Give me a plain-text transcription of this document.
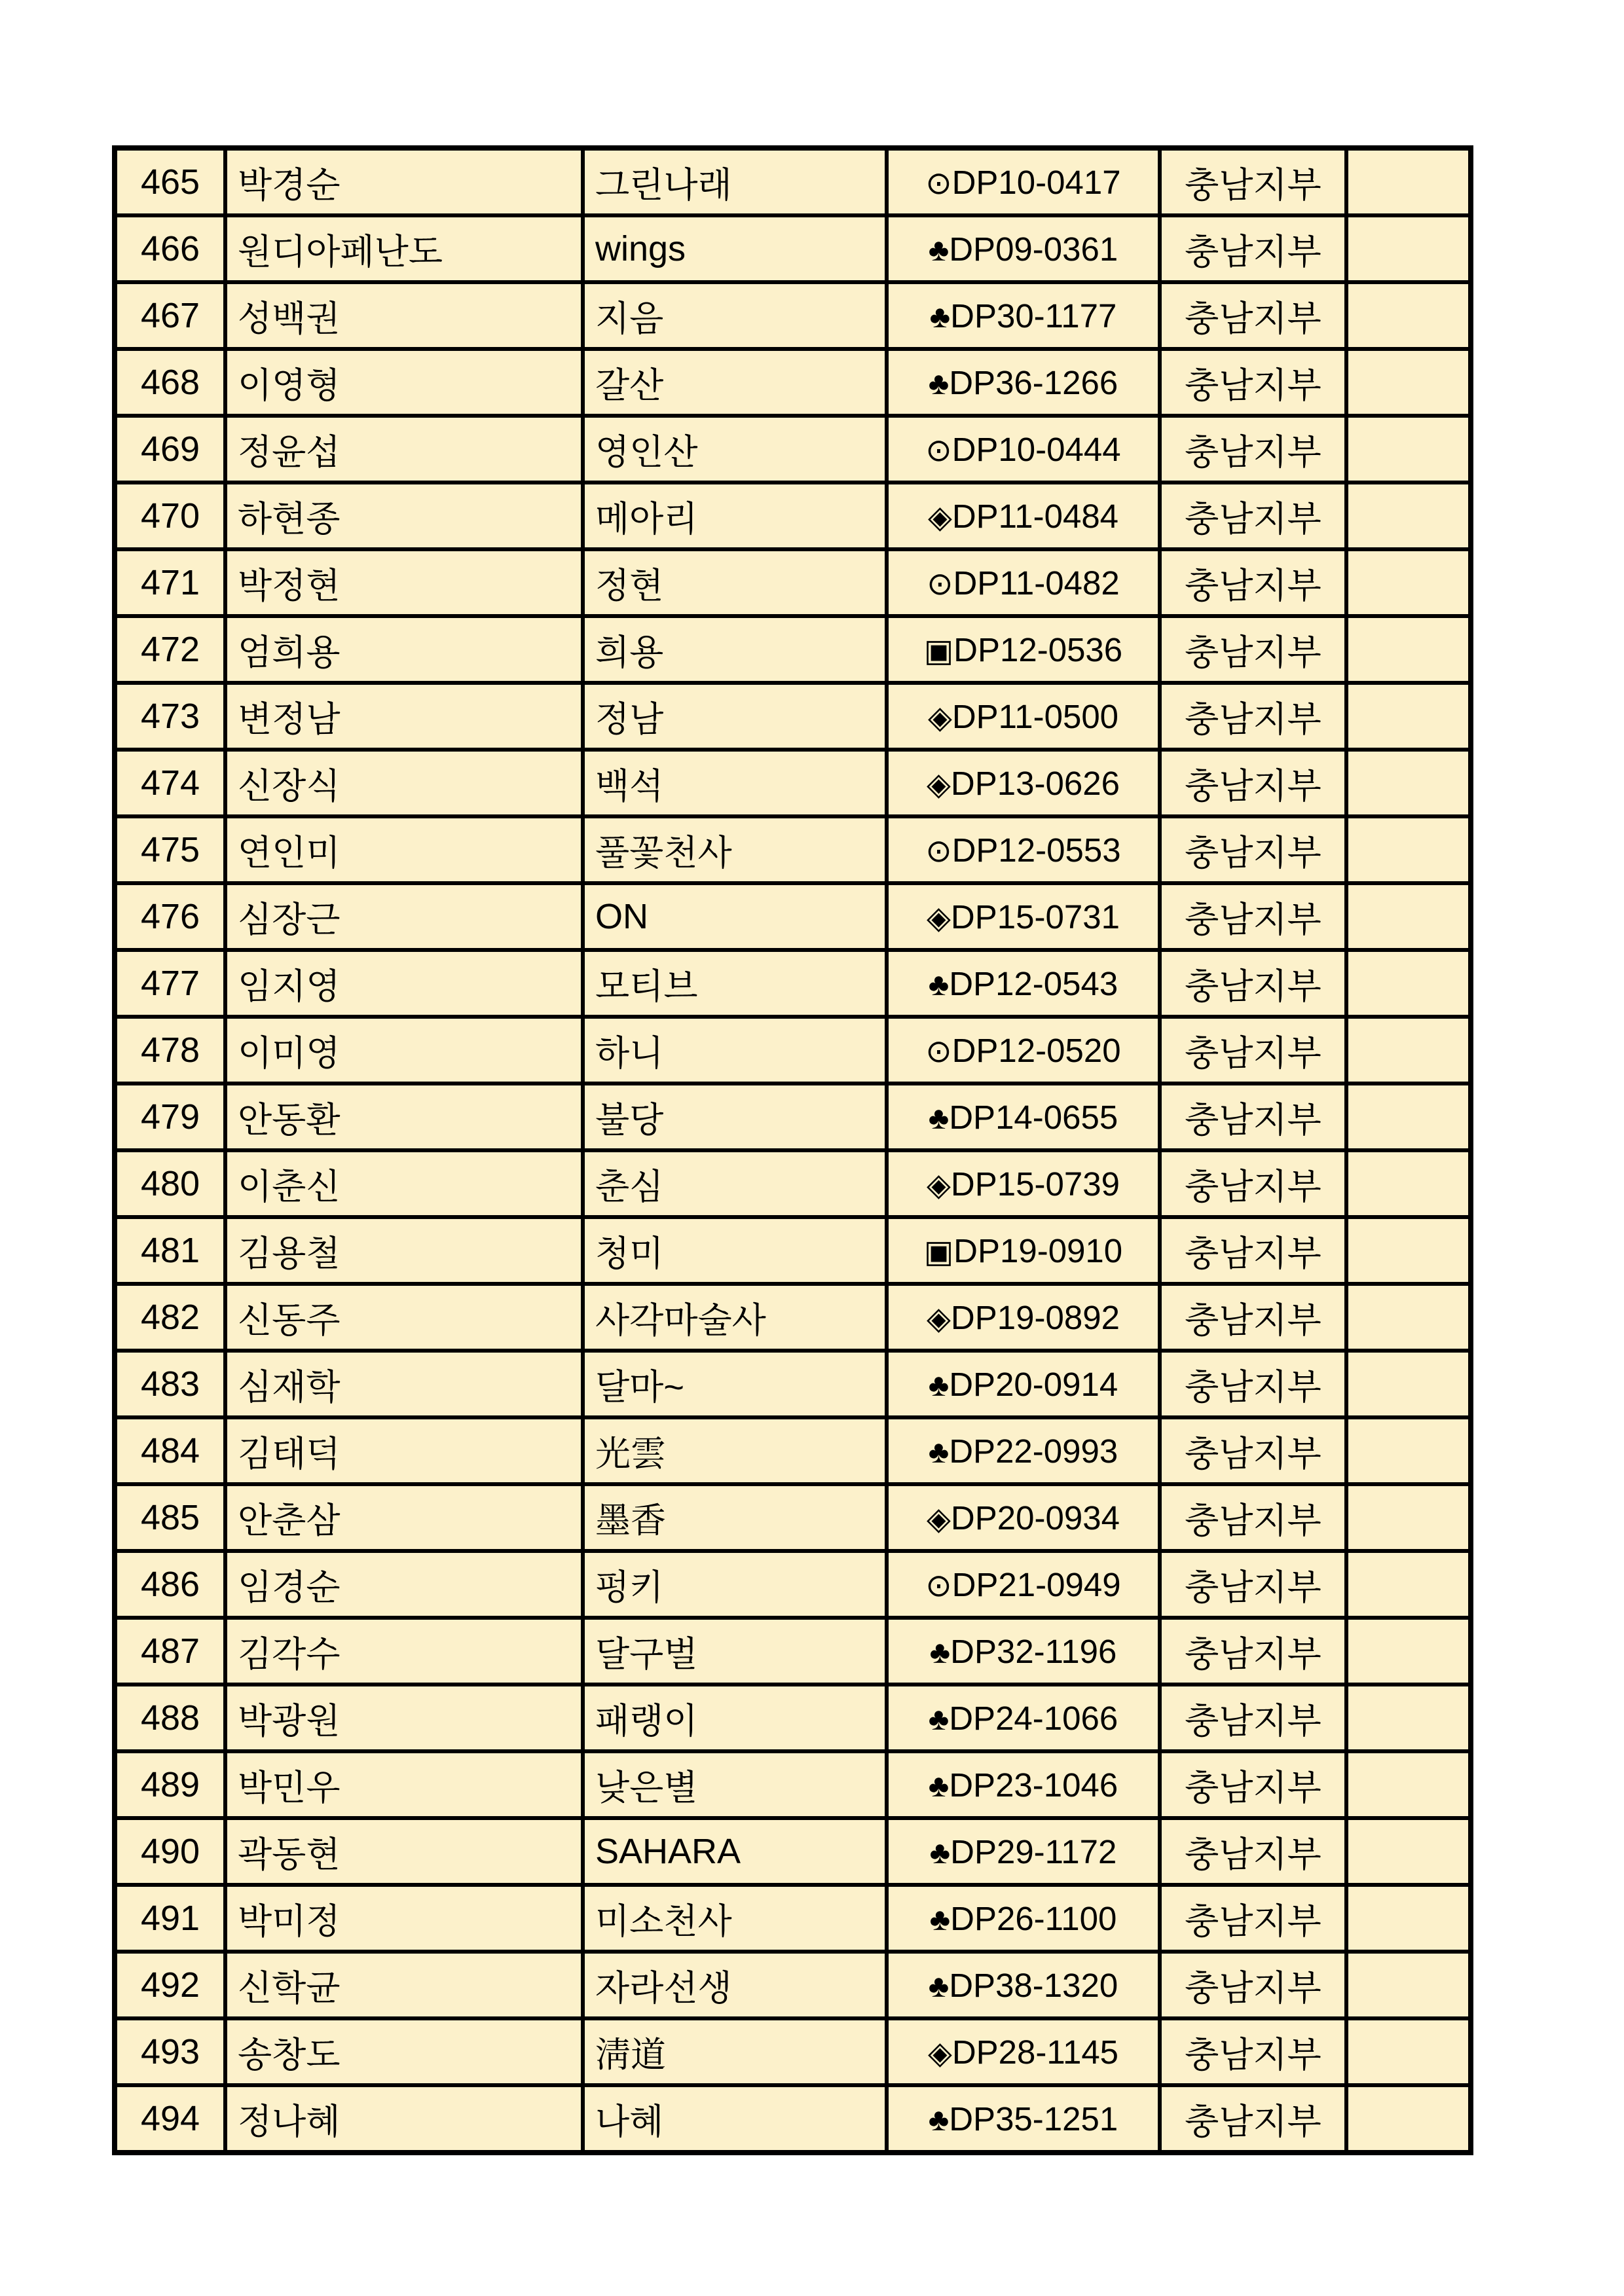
465	박경순	그린나래	⊙DP10-0417	충남지부	
466	원디아페난도	wings	♣DP09-0361	충남지부	
467	성백권	지음	♣DP30-1177	충남지부	
468	이영형	갈산	♣DP36-1266	충남지부	
469	정윤섭	영인산	⊙DP10-0444	충남지부	
470	하현종	메아리	◈DP11-0484	충남지부	
471	박정현	정현	⊙DP11-0482	충남지부	
472	엄희용	희용	▣DP12-0536	충남지부	
473	변정남	정남	◈DP11-0500	충남지부	
474	신장식	백석	◈DP13-0626	충남지부	
475	연인미	풀꽃천사	⊙DP12-0553	충남지부	
476	심장근	ON	◈DP15-0731	충남지부	
477	임지영	모티브	♣DP12-0543	충남지부	
478	이미영	하니	⊙DP12-0520	충남지부	
479	안동환	불당	♣DP14-0655	충남지부	
480	이춘신	춘심	◈DP15-0739	충남지부	
481	김용철	청미	▣DP19-0910	충남지부	
482	신동주	사각마술사	◈DP19-0892	충남지부	
483	심재학	달마~	♣DP20-0914	충남지부	
484	김태덕	光雲	♣DP22-0993	충남지부	
485	안춘삼	墨香	◈DP20-0934	충남지부	
486	임경순	펑키	⊙DP21-0949	충남지부	
487	김각수	달구벌	♣DP32-1196	충남지부	
488	박광원	패랭이	♣DP24-1066	충남지부	
489	박민우	낮은별	♣DP23-1046	충남지부	
490	곽동현	SAHARA	♣DP29-1172	충남지부	
491	박미정	미소천사	♣DP26-1100	충남지부	
492	신학균	자라선생	♣DP38-1320	충남지부	
493	송창도	淸道	◈DP28-1145	충남지부	
494	정나혜	나혜	♣DP35-1251	충남지부	
